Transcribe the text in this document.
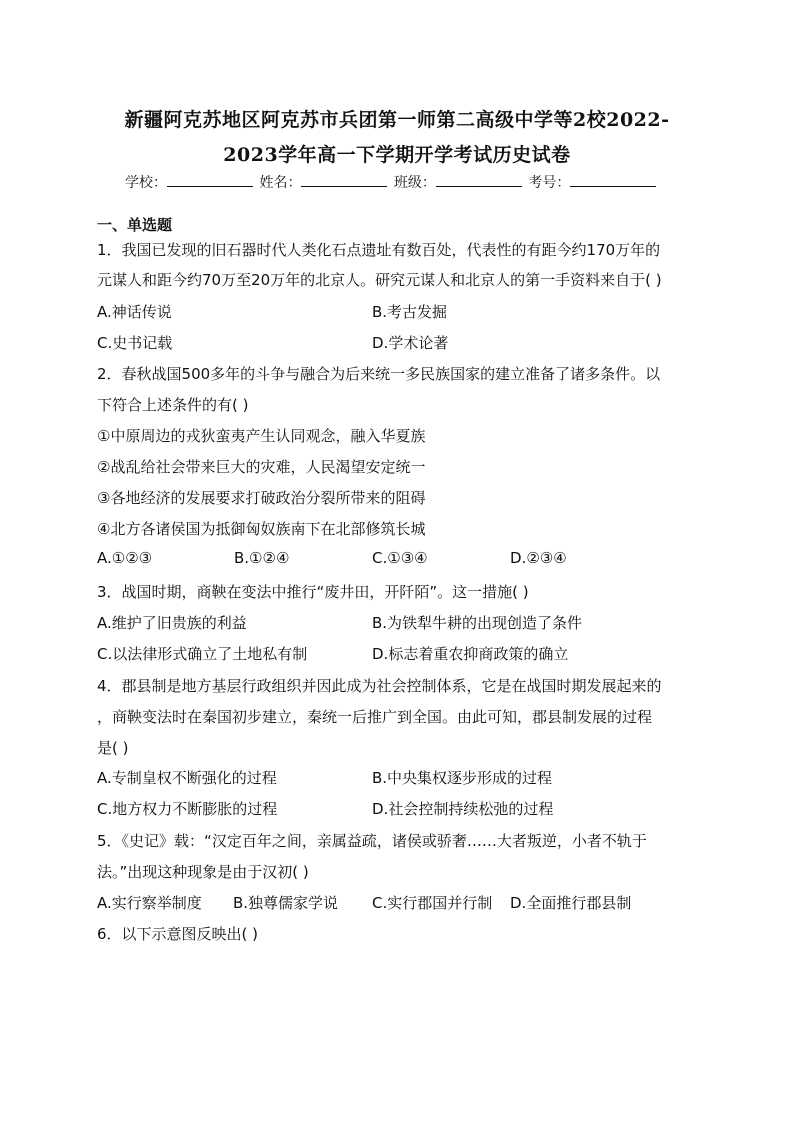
新疆阿克苏地区阿克苏市兵团第一师第二高级中学等2校2022-
2023学年高一下学期开学考试历史试卷
学校：	姓名：	班级：	考号：
一、单选题
1．我国已发现的旧石器时代人类化石点遗址有数百处，代表性的有距今约170万年的
元谋人和距今约70万至20万年的北京人。研究元谋人和北京人的第一手资料来自于( )
A.神话传说	B.考古发掘
C.史书记载	D.学术论著
2．春秋战国500多年的斗争与融合为后来统一多民族国家的建立准备了诸多条件。以
下符合上述条件的有( )
①中原周边的戎狄蛮夷产生认同观念，融入华夏族
②战乱给社会带来巨大的灾难，人民渴望安定统一
③各地经济的发展要求打破政治分裂所带来的阻碍
④北方各诸侯国为抵御匈奴族南下在北部修筑长城
A.①②③	B.①②④	C.①③④	D.②③④
3．战国时期，商鞅在变法中推行“废井田，开阡陌”。这一措施( )
A.维护了旧贵族的利益	B.为铁犁牛耕的出现创造了条件
C.以法律形式确立了土地私有制	D.标志着重农抑商政策的确立
4．郡县制是地方基层行政组织并因此成为社会控制体系，它是在战国时期发展起来的
，商鞅变法时在秦国初步建立，秦统一后推广到全国。由此可知，郡县制发展的过程
是( )
A.专制皇权不断强化的过程	B.中央集权逐步形成的过程
C.地方权力不断膨胀的过程	D.社会控制持续松弛的过程
5．《史记》载：“汉定百年之间，亲属益疏，诸侯或骄奢……大者叛逆，小者不轨于
法。”出现这种现象是由于汉初( )
A.实行察举制度 B.独尊儒家学说 C.实行郡国并行制 D.全面推行郡县制
6．以下示意图反映出( )
